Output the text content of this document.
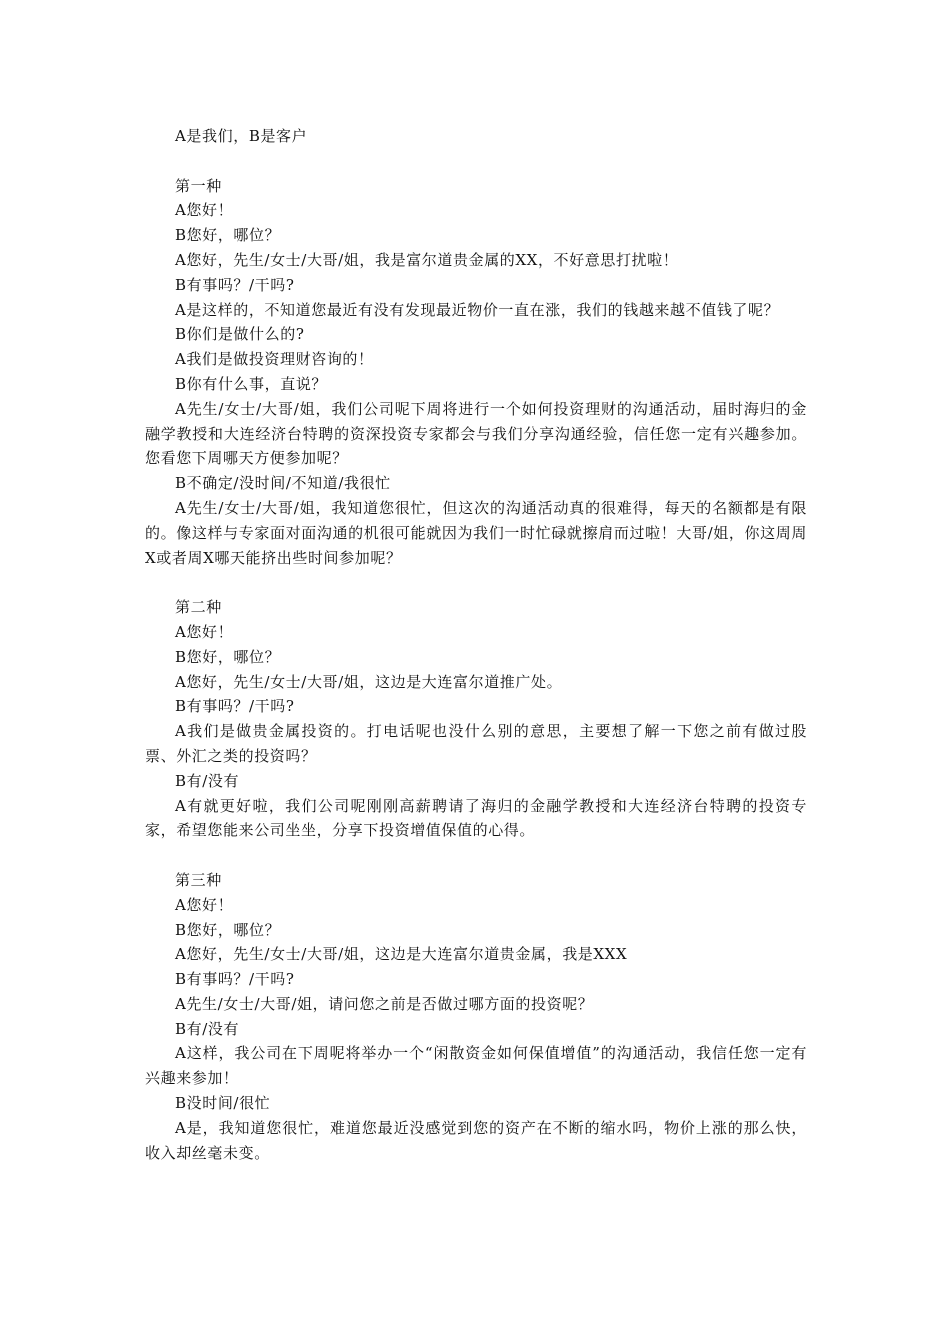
A是我们，B是客户

第一种

A您好！

B您好，哪位？

A您好，先生/女士/大哥/姐，我是富尔道贵金属的XX，不好意思打扰啦！

B有事吗？/干吗?

A是这样的，不知道您最近有没有发现最近物价一直在涨，我们的钱越来越不值钱了呢？

B你们是做什么的?

A我们是做投资理财咨询的！

B你有什么事，直说？

A先生/女士/大哥/姐，我们公司呢下周将进行一个如何投资理财的沟通活动，届时海归的金融学教授和大连经济台特聘的资深投资专家都会与我们分享沟通经验，信任您一定有兴趣参加。您看您下周哪天方便参加呢？

B不确定/没时间/不知道/我很忙

A先生/女士/大哥/姐，我知道您很忙，但这次的沟通活动真的很难得，每天的名额都是有限的。像这样与专家面对面沟通的机很可能就因为我们一时忙碌就擦肩而过啦！大哥/姐，你这周周X或者周X哪天能挤出些时间参加呢？

第二种

A您好！

B您好，哪位？

A您好，先生/女士/大哥/姐，这边是大连富尔道推广处。

B有事吗？/干吗?

A我们是做贵金属投资的。打电话呢也没什么别的意思，主要想了解一下您之前有做过股票、外汇之类的投资吗？

B有/没有

A有就更好啦，我们公司呢刚刚高薪聘请了海归的金融学教授和大连经济台特聘的投资专家，希望您能来公司坐坐，分享下投资增值保值的心得。

第三种

A您好！

B您好，哪位？

A您好，先生/女士/大哥/姐，这边是大连富尔道贵金属，我是XXX

B有事吗？/干吗?

A先生/女士/大哥/姐，请问您之前是否做过哪方面的投资呢？

B有/没有

A这样，我公司在下周呢将举办一个“闲散资金如何保值增值”的沟通活动，我信任您一定有兴趣来参加！

B没时间/很忙

A是，我知道您很忙，难道您最近没感觉到您的资产在不断的缩水吗，物价上涨的那么快，收入却丝毫未变。
